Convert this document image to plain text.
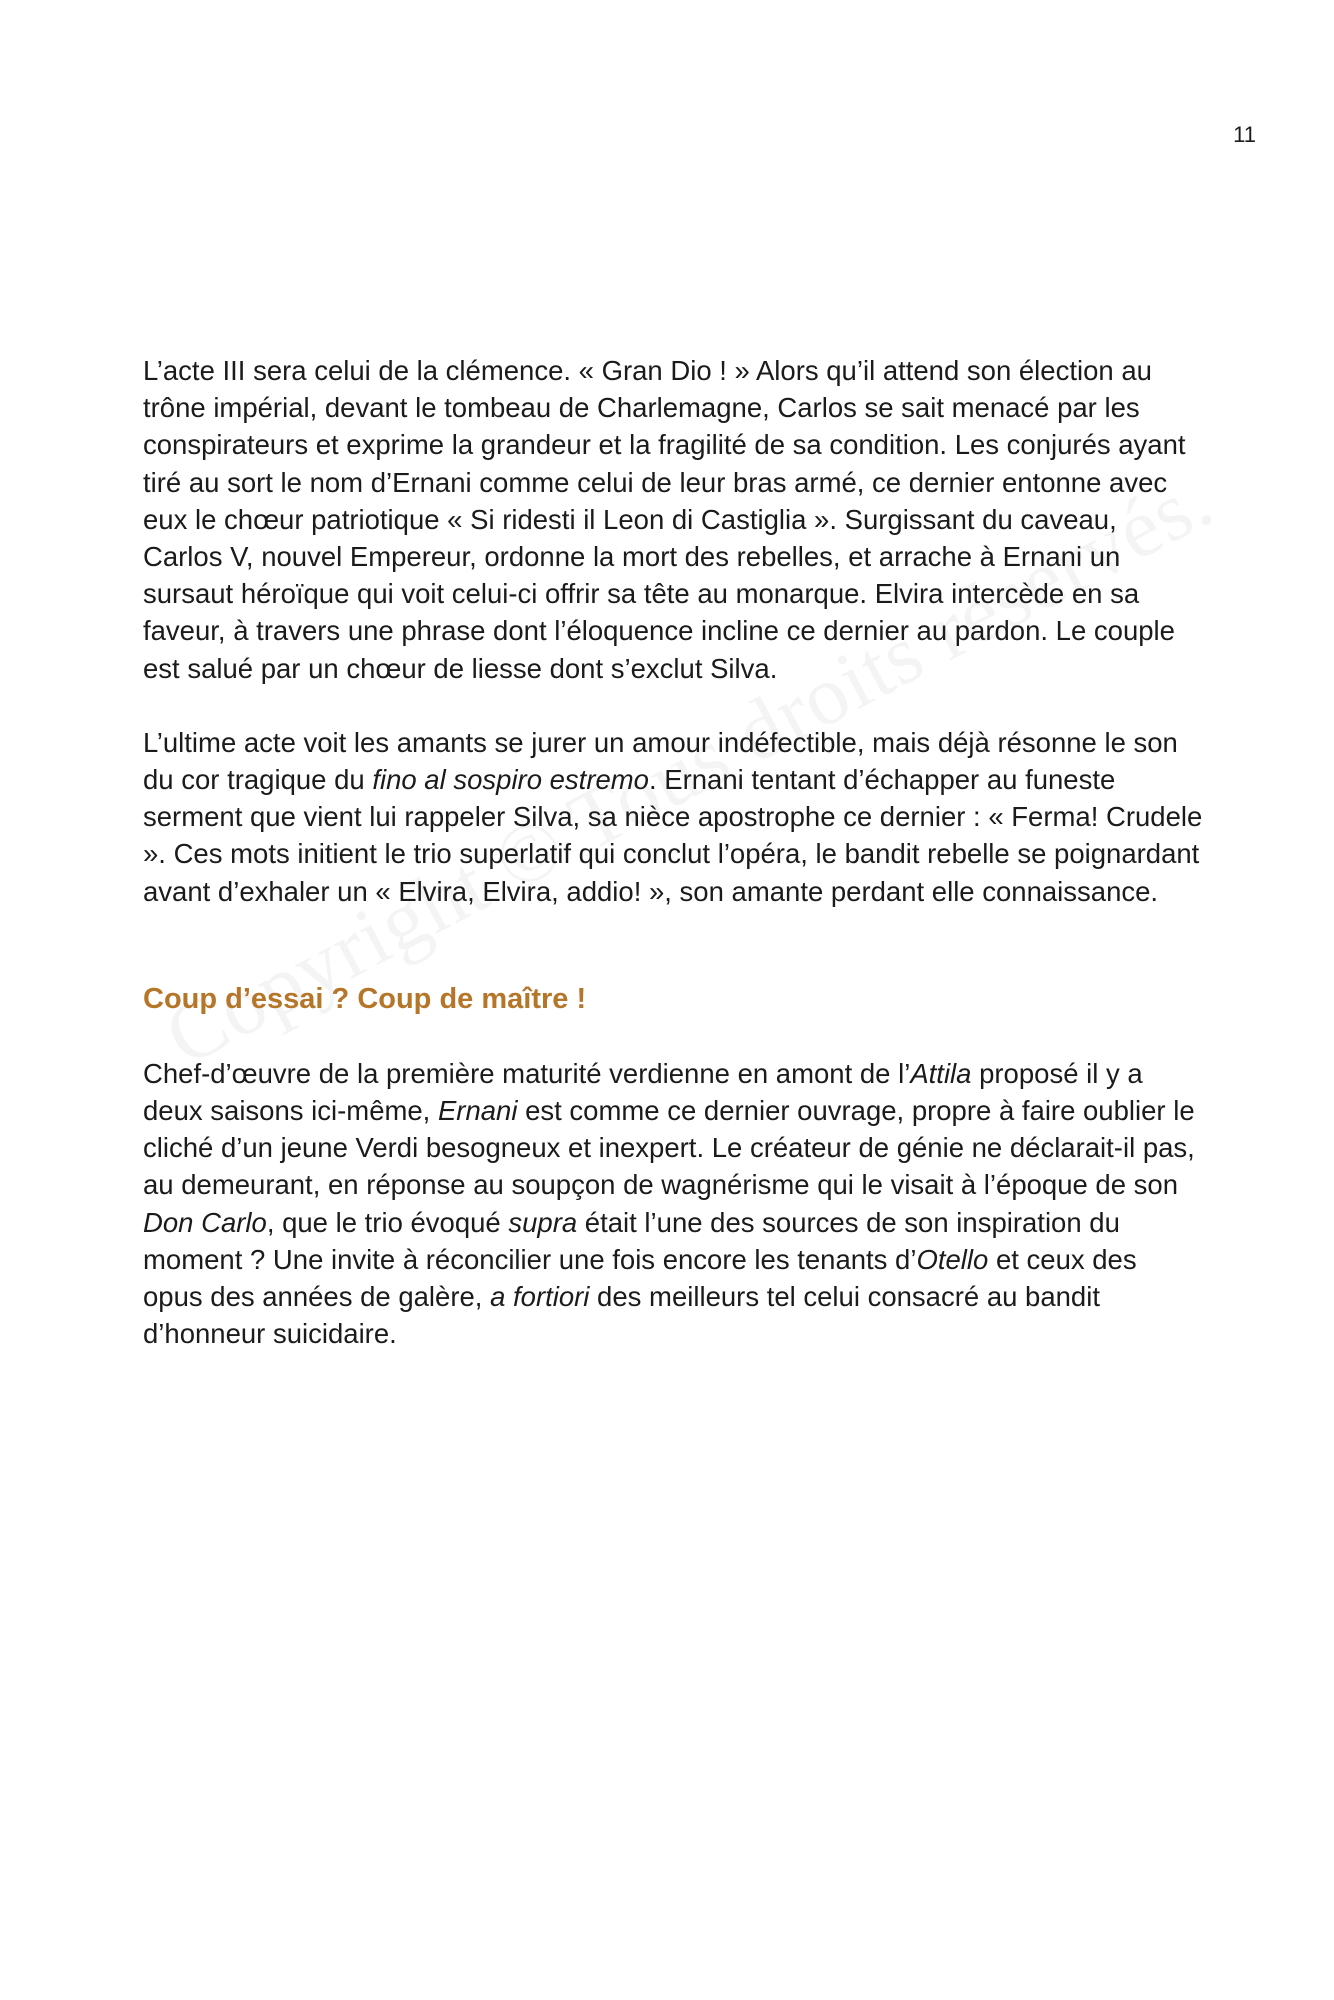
11

L’acte III sera celui de la clémence. « Gran Dio ! » Alors qu’il attend son élection au trône impérial, devant le tombeau de Charlemagne, Carlos se sait menacé par les conspirateurs et exprime la grandeur et la fragilité de sa condition. Les conjurés ayant tiré au sort le nom d’Ernani comme celui de leur bras armé, ce dernier entonne avec eux le chœur patriotique « Si ridesti il Leon di Castiglia ». Surgissant du caveau, Carlos V, nouvel Empereur, ordonne la mort des rebelles, et arrache à Ernani un sursaut héroïque qui voit celui-ci offrir sa tête au monarque. Elvira intercède en sa faveur, à travers une phrase dont l’éloquence incline ce dernier au pardon. Le couple est salué par un chœur de liesse dont s’exclut Silva.

L’ultime acte voit les amants se jurer un amour indéfectible, mais déjà résonne le son du cor tragique du fino al sospiro estremo. Ernani tentant d’échapper au funeste serment que vient lui rappeler Silva, sa nièce apostrophe ce dernier : « Ferma! Crudele ». Ces mots initient le trio superlatif qui conclut l’opéra, le bandit rebelle se poignardant avant d’exhaler un « Elvira, Elvira, addio! », son amante perdant elle connaissance.

Coup d’essai ? Coup de maître !

Chef-d’œuvre de la première maturité verdienne en amont de l’Attila proposé il y a deux saisons ici-même, Ernani est comme ce dernier ouvrage, propre à faire oublier le cliché d’un jeune Verdi besogneux et inexpert. Le créateur de génie ne déclarait-il pas, au demeurant, en réponse au soupçon de wagnérisme qui le visait à l’époque de son Don Carlo, que le trio évoqué supra était l’une des sources de son inspiration du moment ? Une invite à réconcilier une fois encore les tenants d’Otello et ceux des opus des années de galère, a fortiori des meilleurs tel celui consacré au bandit d’honneur suicidaire.
